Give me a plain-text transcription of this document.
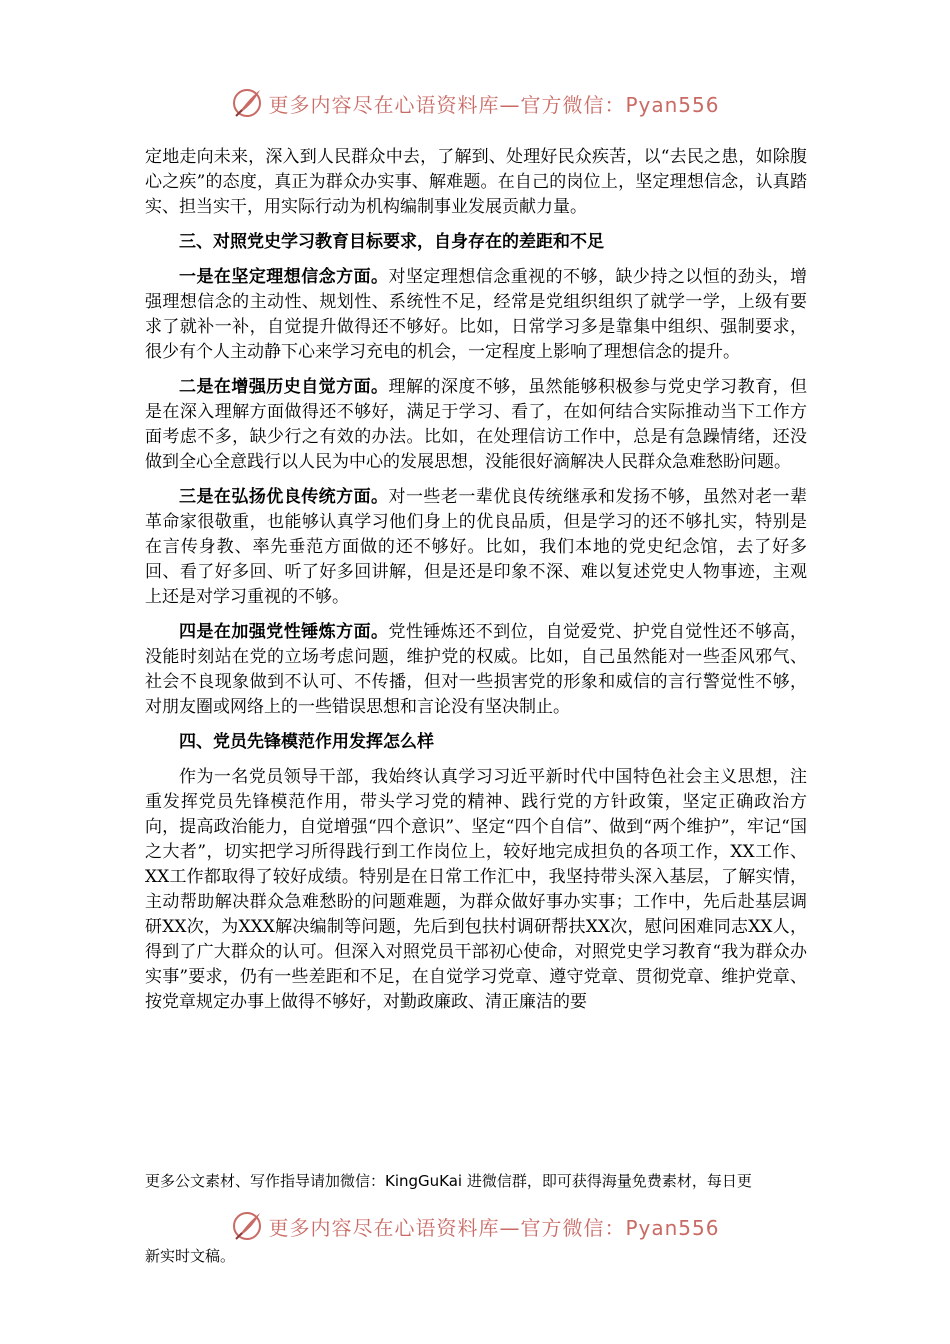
更多内容尽在心语资料库—官方微信：Pyan556

定地走向未来，深入到人民群众中去，了解到、处理好民众疾苦，以“去民之患，如除腹心之疾”的态度，真正为群众办实事、解难题。在自己的岗位上，坚定理想信念，认真踏实、担当实干，用实际行动为机构编制事业发展贡献力量。

三、对照党史学习教育目标要求，自身存在的差距和不足

一是在坚定理想信念方面。对坚定理想信念重视的不够，缺少持之以恒的劲头，增强理想信念的主动性、规划性、系统性不足，经常是党组织组织了就学一学，上级有要求了就补一补，自觉提升做得还不够好。比如，日常学习多是靠集中组织、强制要求，很少有个人主动静下心来学习充电的机会，一定程度上影响了理想信念的提升。

二是在增强历史自觉方面。理解的深度不够，虽然能够积极参与党史学习教育，但是在深入理解方面做得还不够好，满足于学习、看了，在如何结合实际推动当下工作方面考虑不多，缺少行之有效的办法。比如，在处理信访工作中，总是有急躁情绪，还没做到全心全意践行以人民为中心的发展思想，没能很好滴解决人民群众急难愁盼问题。

三是在弘扬优良传统方面。对一些老一辈优良传统继承和发扬不够，虽然对老一辈革命家很敬重，也能够认真学习他们身上的优良品质，但是学习的还不够扎实，特别是在言传身教、率先垂范方面做的还不够好。比如，我们本地的党史纪念馆，去了好多回、看了好多回、听了好多回讲解，但是还是印象不深、难以复述党史人物事迹，主观上还是对学习重视的不够。

四是在加强党性锤炼方面。党性锤炼还不到位，自觉爱党、护党自觉性还不够高，没能时刻站在党的立场考虑问题，维护党的权威。比如，自己虽然能对一些歪风邪气、社会不良现象做到不认可、不传播，但对一些损害党的形象和威信的言行警觉性不够，对朋友圈或网络上的一些错误思想和言论没有坚决制止。

四、党员先锋模范作用发挥怎么样

作为一名党员领导干部，我始终认真学习习近平新时代中国特色社会主义思想，注重发挥党员先锋模范作用，带头学习党的精神、践行党的方针政策，坚定正确政治方向，提高政治能力，自觉增强“四个意识”、坚定“四个自信”、做到“两个维护”，牢记“国之大者”，切实把学习所得践行到工作岗位上，较好地完成担负的各项工作，XX工作、XX工作都取得了较好成绩。特别是在日常工作汇中，我坚持带头深入基层，了解实情，主动帮助解决群众急难愁盼的问题难题，为群众做好事办实事；工作中，先后赴基层调研XX次，为XXX解决编制等问题，先后到包扶村调研帮扶XX次，慰问困难同志XX人，得到了广大群众的认可。但深入对照党员干部初心使命，对照党史学习教育“我为群众办实事”要求，仍有一些差距和不足，在自觉学习党章、遵守党章、贯彻党章、维护党章、按党章规定办事上做得不够好，对勤政廉政、清正廉洁的要

更多公文素材、写作指导请加微信：KingGuKai 进微信群，即可获得海量免费素材，每日更
更多内容尽在心语资料库—官方微信：Pyan556
新实时文稿。
